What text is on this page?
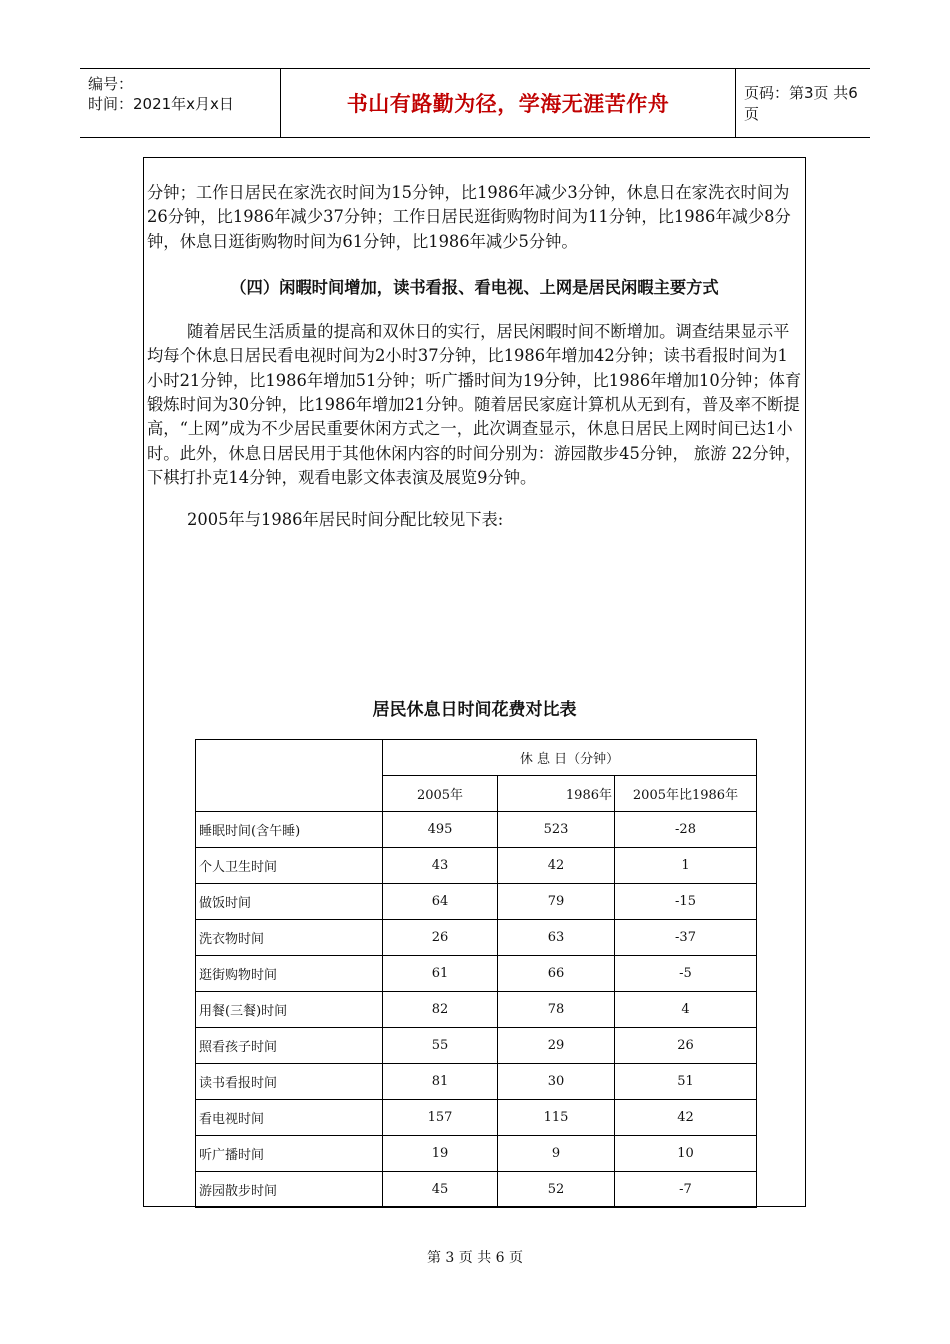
编号：
时间：2021年x月x日	书山有路勤为径，学海无涯苦作舟	页码：第3页 共6页

分钟；工作日居民在家洗衣时间为15分钟，比1986年减少3分钟，休息日在家洗衣时间为26分钟，比1986年减少37分钟；工作日居民逛街购物时间为11分钟，比1986年减少8分钟，休息日逛街购物时间为61分钟，比1986年减少5分钟。

（四）闲暇时间增加，读书看报、看电视、上网是居民闲暇主要方式

随着居民生活质量的提高和双休日的实行，居民闲暇时间不断增加。调查结果显示平均每个休息日居民看电视时间为2小时37分钟，比1986年增加42分钟；读书看报时间为1小时21分钟，比1986年增加51分钟；听广播时间为19分钟，比1986年增加10分钟；体育锻炼时间为30分钟，比1986年增加21分钟。随着居民家庭计算机从无到有，普及率不断提高，“上网”成为不少居民重要休闲方式之一，此次调查显示，休息日居民上网时间已达1小时。此外，休息日居民用于其他休闲内容的时间分别为：游园散步45分钟， 旅游 22分钟，下棋打扑克14分钟，观看电影文体表演及展览9分钟。

2005年与1986年居民时间分配比较见下表:

居民休息日时间花费对比表
	休 息 日（分钟）		
	2005年	1986年	2005年比1986年
睡眠时间(含午睡)	495	523	-28
个人卫生时间	43	42	1
做饭时间	64	79	-15
洗衣物时间	26	63	-37
逛街购物时间	61	66	-5
用餐(三餐)时间	82	78	4
照看孩子时间	55	29	26
读书看报时间	81	30	51
看电视时间	157	115	42
听广播时间	19	9	10
游园散步时间	45	52	-7
第 3 页 共 6 页
